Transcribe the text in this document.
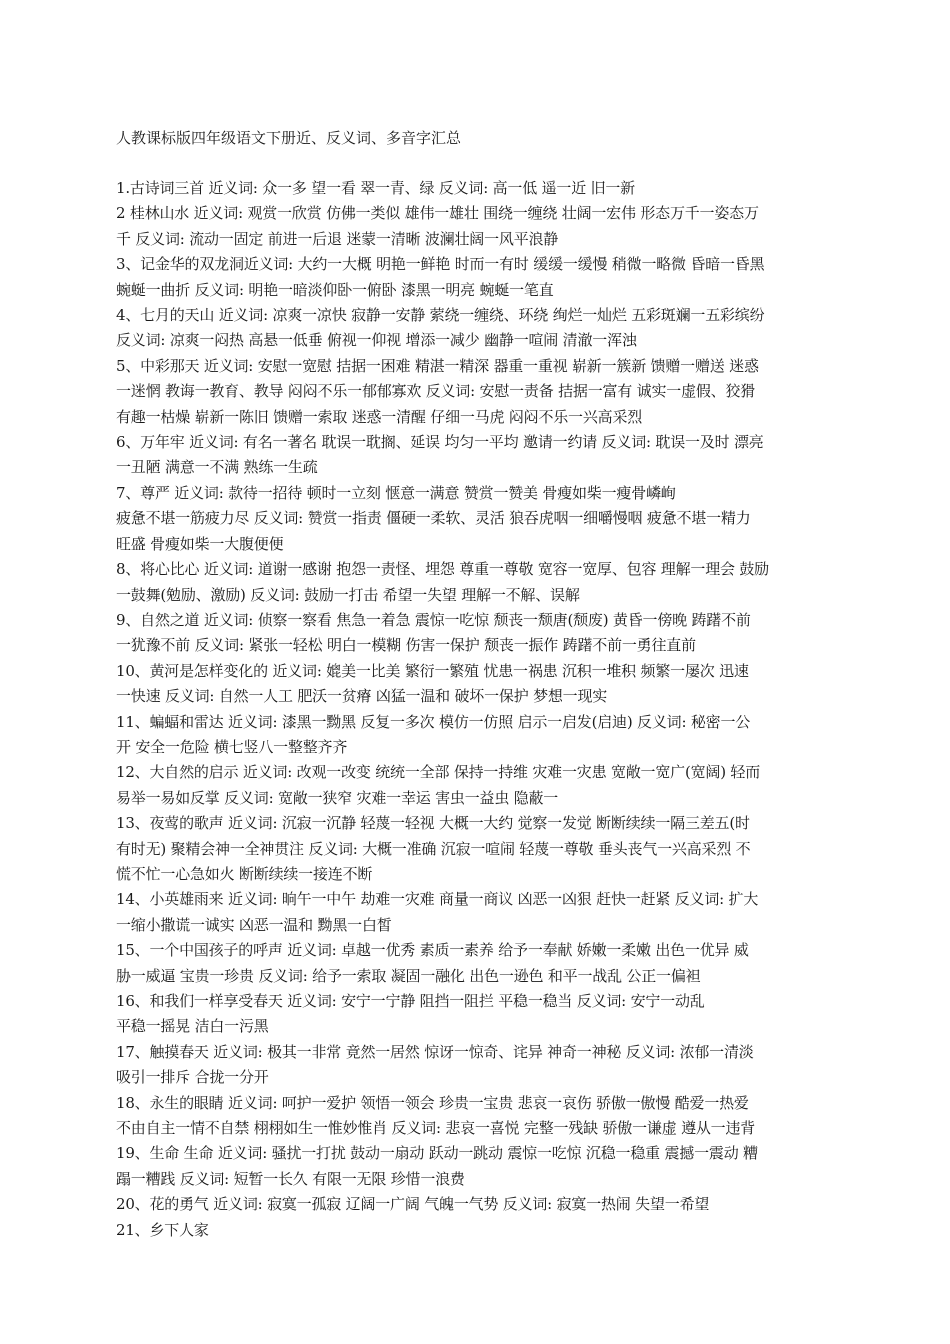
人教课标版四年级语文下册近、反义词、多音字汇总
1.古诗词三首 近义词: 众一多 望一看 翠一青、绿 反义词: 高一低 遥一近 旧一新
2 桂林山水 近义词: 观赏一欣赏 仿佛一类似 雄伟一雄壮 围绕一缠绕 壮阔一宏伟 形态万千一姿态万
千 反义词: 流动一固定 前进一后退 迷蒙一清晰 波澜壮阔一风平浪静
3、记金华的双龙洞近义词: 大约一大概 明艳一鲜艳 时而一有时 缓缓一缓慢 稍微一略微 昏暗一昏黑
蜿蜒一曲折 反义词: 明艳一暗淡仰卧一俯卧 漆黑一明亮 蜿蜒一笔直
4、七月的天山 近义词: 凉爽一凉快 寂静一安静 萦绕一缠绕、环绕 绚烂一灿烂 五彩斑斓一五彩缤纷
反义词: 凉爽一闷热 高悬一低垂 俯视一仰视 增添一减少 幽静一喧闹 清澈一浑浊
5、中彩那天 近义词: 安慰一宽慰 拮据一困难 精湛一精深 器重一重视 崭新一簇新 馈赠一赠送 迷惑
一迷惘 教诲一教育、教导 闷闷不乐一郁郁寡欢 反义词: 安慰一责备 拮据一富有 诚实一虚假、狡猾
有趣一枯燥 崭新一陈旧 馈赠一索取 迷惑一清醒 仔细一马虎 闷闷不乐一兴高采烈
6、万年牢 近义词: 有名一著名 耽误一耽搁、延误 均匀一平均 邀请一约请 反义词: 耽误一及时 漂亮
一丑陋 满意一不满 熟练一生疏
7、尊严 近义词: 款待一招待 顿时一立刻 惬意一满意 赞赏一赞美 骨瘦如柴一瘦骨嶙峋
疲惫不堪一筋疲力尽 反义词: 赞赏一指责 僵硬一柔软、灵活 狼吞虎咽一细嚼慢咽 疲惫不堪一精力
旺盛 骨瘦如柴一大腹便便
8、将心比心 近义词: 道谢一感谢 抱怨一责怪、埋怨 尊重一尊敬 宽容一宽厚、包容 理解一理会 鼓励
一鼓舞(勉励、激励) 反义词: 鼓励一打击 希望一失望 理解一不解、误解
9、自然之道 近义词: 侦察一察看 焦急一着急 震惊一吃惊 颓丧一颓唐(颓废) 黄昏一傍晚 踌躇不前
一犹豫不前 反义词: 紧张一轻松 明白一模糊 伤害一保护 颓丧一振作 踌躇不前一勇往直前
10、黄河是怎样变化的 近义词: 媲美一比美 繁衍一繁殖 忧患一祸患 沉积一堆积 频繁一屡次 迅速
一快速 反义词: 自然一人工 肥沃一贫瘠 凶猛一温和 破坏一保护 梦想一现实
11、蝙蝠和雷达 近义词: 漆黑一黝黑 反复一多次 模仿一仿照 启示一启发(启迪) 反义词: 秘密一公
开 安全一危险 横七竖八一整整齐齐
12、大自然的启示 近义词: 改观一改变 统统一全部 保持一持维 灾难一灾患 宽敞一宽广(宽阔) 轻而
易举一易如反掌 反义词: 宽敞一狭窄 灾难一幸运 害虫一益虫 隐蔽一
13、夜莺的歌声 近义词: 沉寂一沉静 轻蔑一轻视 大概一大约 觉察一发觉 断断续续一隔三差五(时
有时无) 聚精会神一全神贯注 反义词: 大概一准确 沉寂一喧闹 轻蔑一尊敬 垂头丧气一兴高采烈 不
慌不忙一心急如火 断断续续一接连不断
14、小英雄雨来 近义词: 晌午一中午 劫难一灾难 商量一商议 凶恶一凶狠 赶快一赶紧 反义词: 扩大
一缩小撒谎一诚实 凶恶一温和 黝黑一白皙
15、一个中国孩子的呼声 近义词: 卓越一优秀 素质一素养 给予一奉献 娇嫩一柔嫩 出色一优异 威
胁一威逼 宝贵一珍贵 反义词: 给予一索取 凝固一融化 出色一逊色 和平一战乱 公正一偏袒
16、和我们一样享受春天 近义词: 安宁一宁静 阻挡一阻拦 平稳一稳当 反义词: 安宁一动乱
平稳一摇晃 洁白一污黑
17、触摸春天 近义词: 极其一非常 竟然一居然 惊讶一惊奇、诧异 神奇一神秘 反义词: 浓郁一清淡
吸引一排斥 合拢一分开
18、永生的眼睛 近义词: 呵护一爱护 领悟一领会 珍贵一宝贵 悲哀一哀伤 骄傲一傲慢 酷爱一热爱
不由自主一情不自禁 栩栩如生一惟妙惟肖 反义词: 悲哀一喜悦 完整一残缺 骄傲一谦虚 遵从一违背
19、生命 生命 近义词: 骚扰一打扰 鼓动一扇动 跃动一跳动 震惊一吃惊 沉稳一稳重 震撼一震动 糟
蹋一糟践 反义词: 短暂一长久 有限一无限 珍惜一浪费
20、花的勇气 近义词: 寂寞一孤寂 辽阔一广阔 气魄一气势 反义词: 寂寞一热闹 失望一希望
21、乡下人家
